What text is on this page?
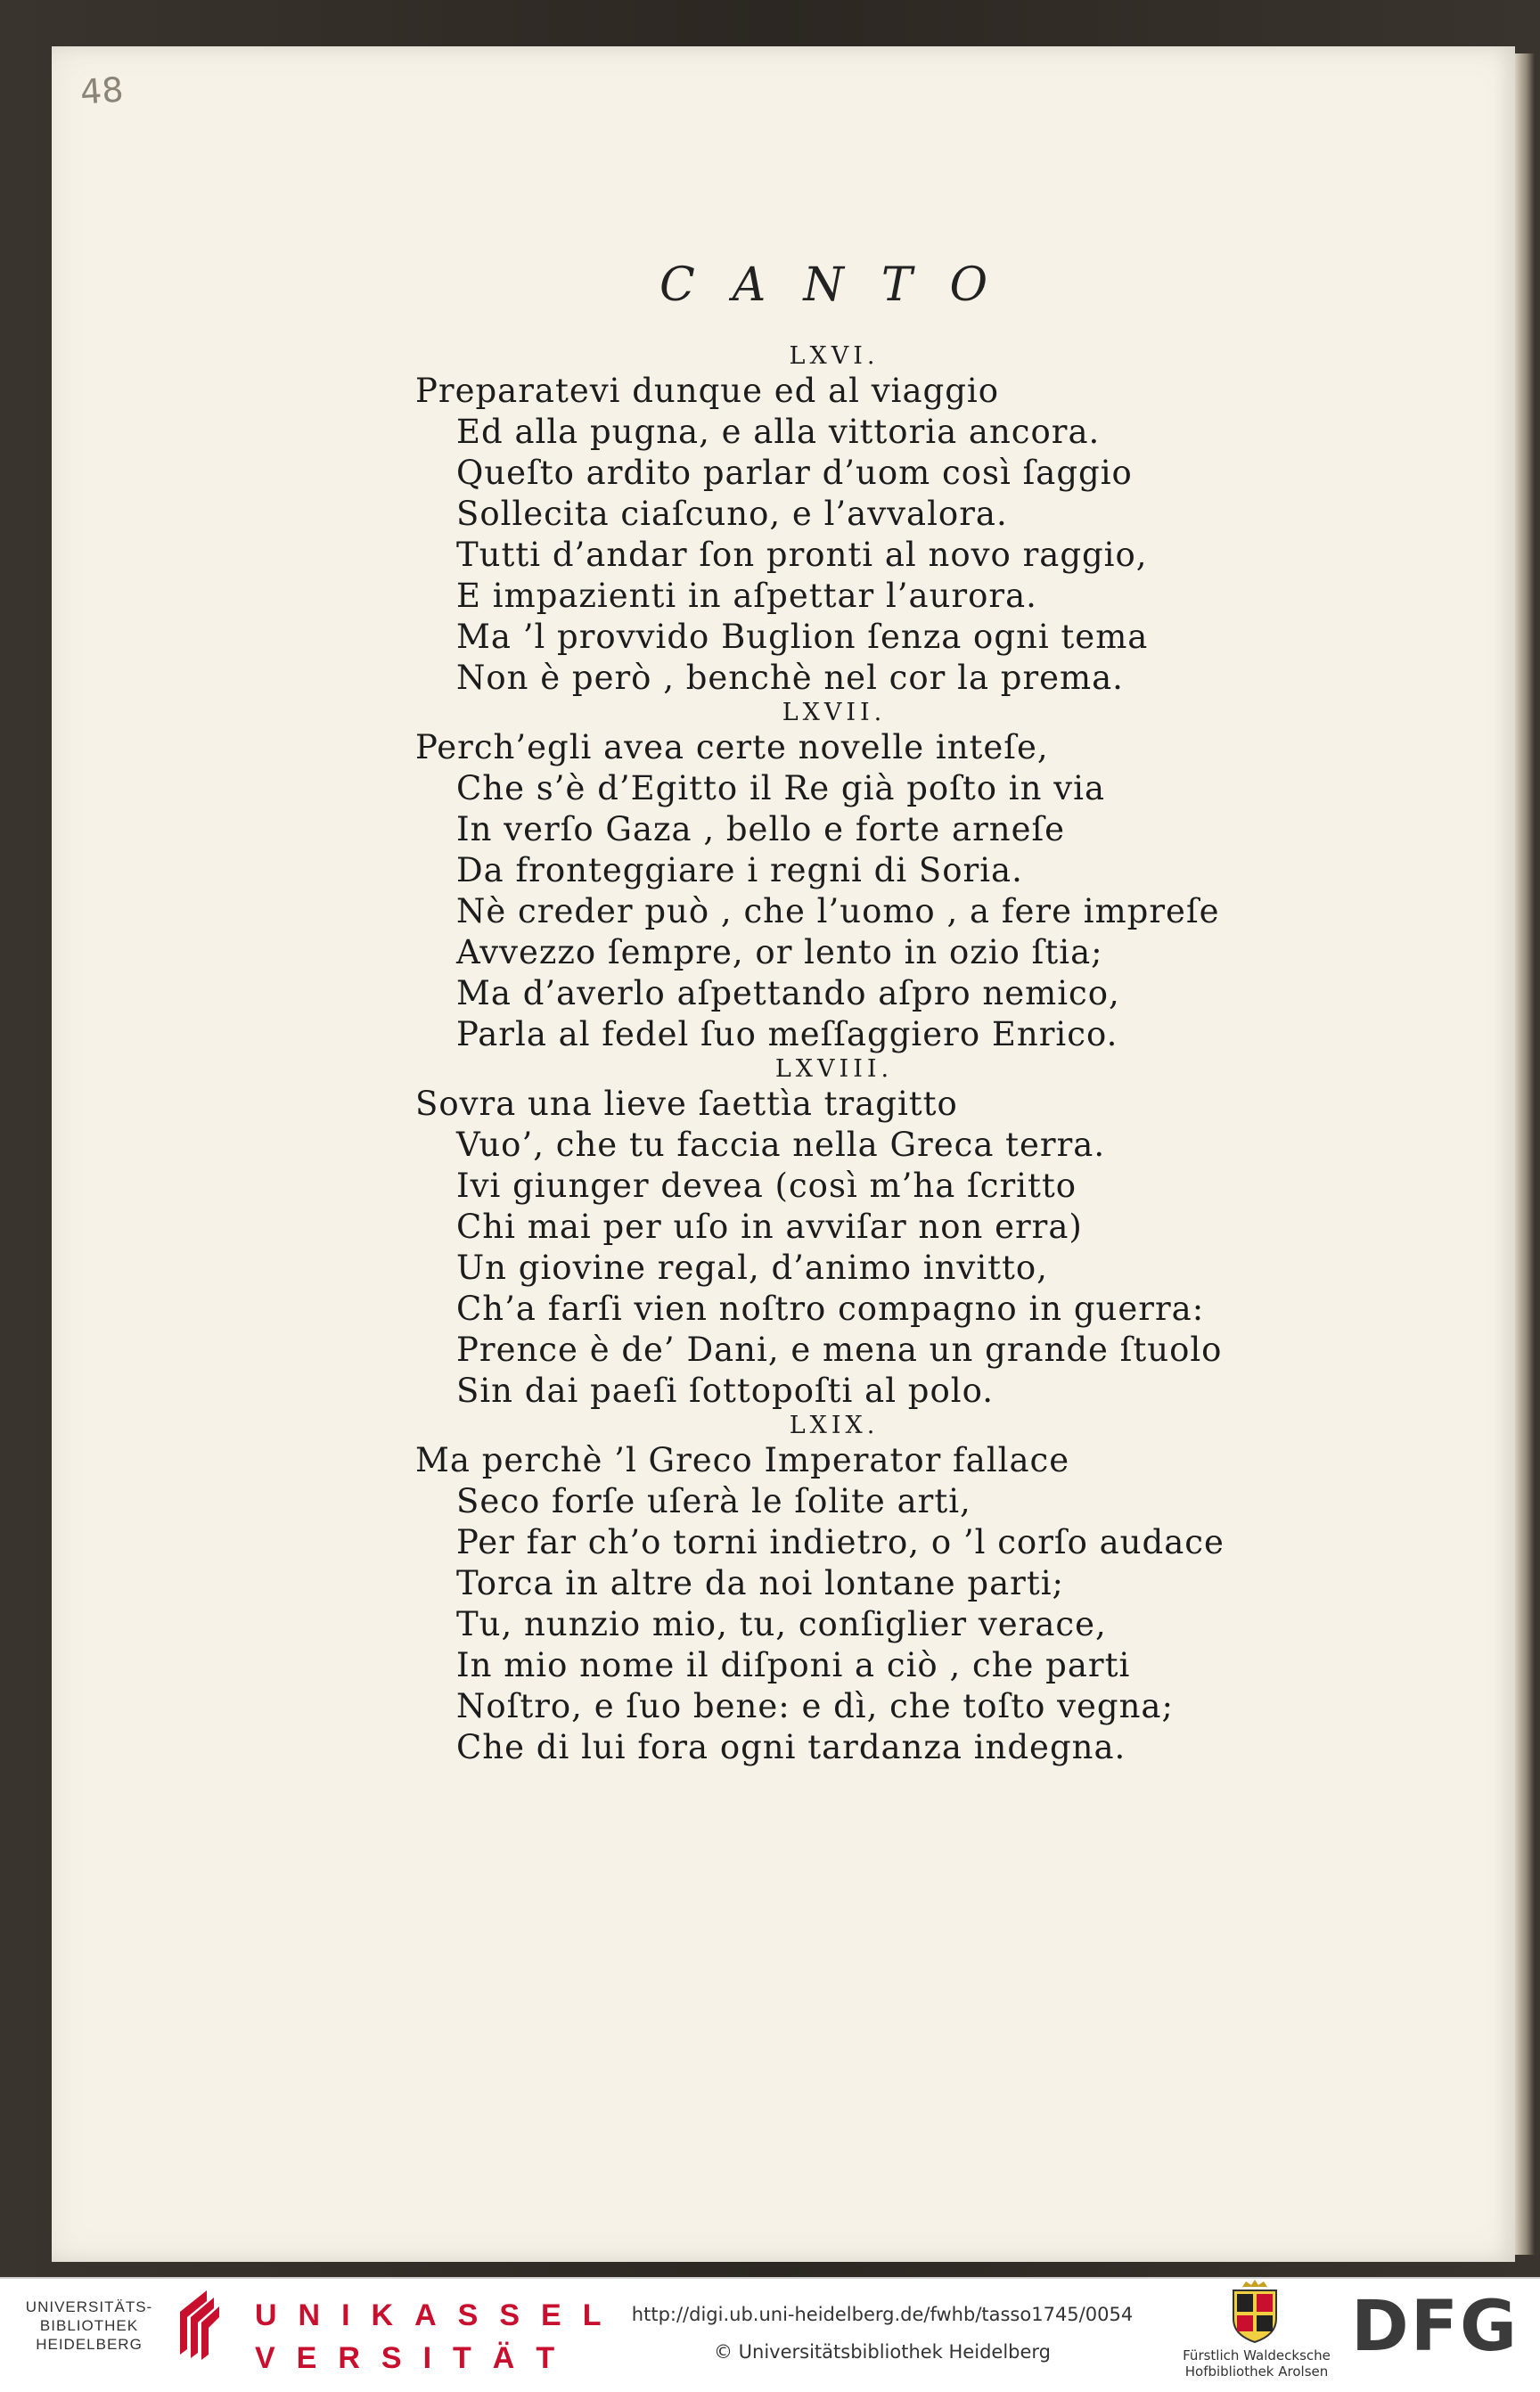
48
CANTO
LXVI.
Preparatevi dunque ed al viaggio
Ed alla pugna, e alla vittoria ancora.
Queſto ardito parlar d’uom così ſaggio
Sollecita ciaſcuno, e l’avvalora.
Tutti d’andar ſon pronti al novo raggio,
E impazienti in aſpettar l’aurora.
Ma ’l provvido Buglion ſenza ogni tema
Non è però , benchè nel cor la prema.
LXVII.
Perch’egli avea certe novelle inteſe,
Che s’è d’Egitto il Re già poſto in via
In verſo Gaza , bello e forte arneſe
Da fronteggiare i regni di Soria.
Nè creder può , che l’uomo , a fere impreſe
Avvezzo ſempre, or lento in ozio ſtia;
Ma d’averlo aſpettando aſpro nemico,
Parla al fedel ſuo meſſaggiero Enrico.
LXVIII.
Sovra una lieve ſaettìa tragitto
Vuo’, che tu faccia nella Greca terra.
Ivi giunger devea (così m’ha ſcritto
Chi mai per uſo in avviſar non erra)
Un giovine regal, d’animo invitto,
Ch’a farſi vien noſtro compagno in guerra:
Prence è de’ Dani, e mena un grande ſtuolo
Sin dai paeſi ſottopoſti al polo.
LXIX.
Ma perchè ’l Greco Imperator fallace
Seco forſe uſerà le ſolite arti,
Per far ch’o torni indietro, o ’l corſo audace
Torca in altre da noi lontane parti;
Tu, nunzio mio, tu, conſiglier verace,
In mio nome il diſponi a ciò , che parti
Noſtro, e ſuo bene: e dì, che toſto vegna;
Che di lui fora ogni tardanza indegna.
UNIVERSITÄTS-
BIBLIOTHEK
HEIDELBERG
UNIKASSEL
VERSITÄT
http://digi.ub.uni-heidelberg.de/fwhb/tasso1745/0054
© Universitätsbibliothek Heidelberg	Fürstlich Waldecksche
Hofbibliothek Arolsen
DFG
